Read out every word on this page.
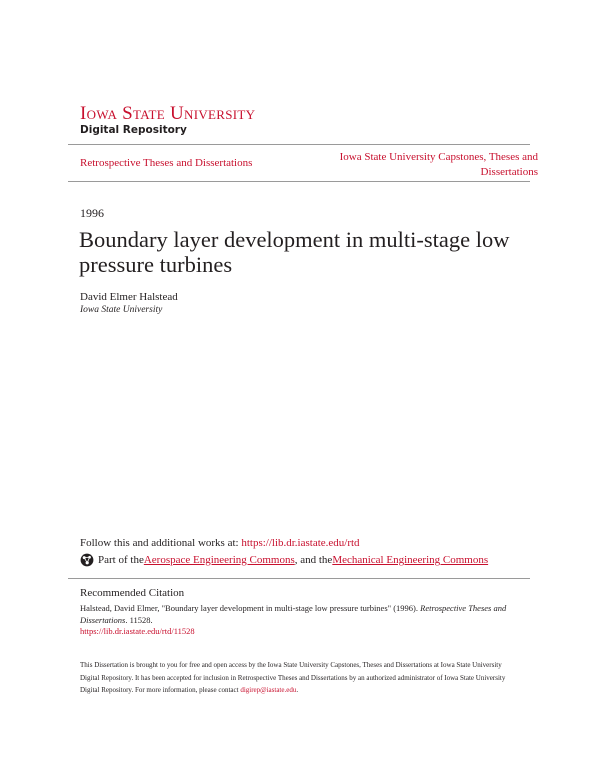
Iowa State University
Digital Repository
Retrospective Theses and Dissertations	Iowa State University Capstones, Theses and Dissertations
1996
Boundary layer development in multi-stage low pressure turbines
David Elmer Halstead
Iowa State University
Follow this and additional works at: https://lib.dr.iastate.edu/rtd
Part of the Aerospace Engineering Commons , and the Mechanical Engineering Commons
Recommended Citation
Halstead, David Elmer, "Boundary layer development in multi-stage low pressure turbines" (1996). Retrospective Theses and Dissertations. 11528.
https://lib.dr.iastate.edu/rtd/11528
This Dissertation is brought to you for free and open access by the Iowa State University Capstones, Theses and Dissertations at Iowa State University Digital Repository. It has been accepted for inclusion in Retrospective Theses and Dissertations by an authorized administrator of Iowa State University Digital Repository. For more information, please contact digirep@iastate.edu.
